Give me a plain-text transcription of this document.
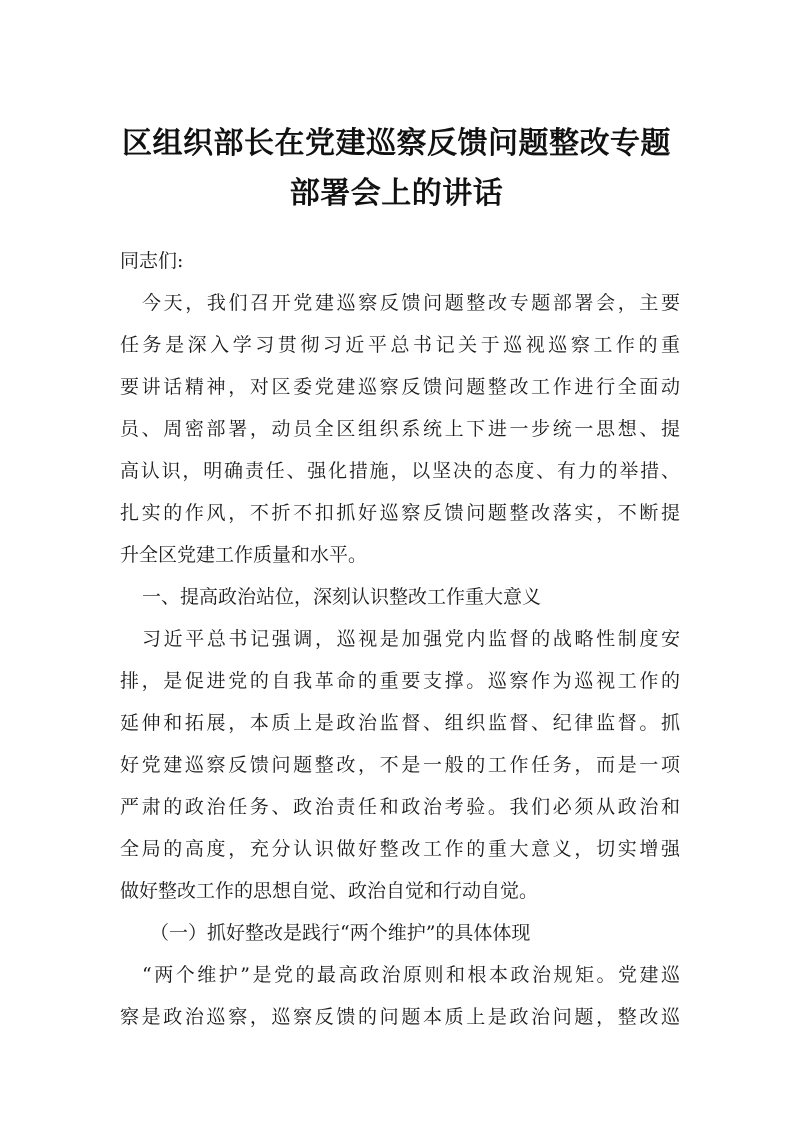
区组织部长在党建巡察反馈问题整改专题
部署会上的讲话
同志们:
今天，我们召开党建巡察反馈问题整改专题部署会，主要
任务是深入学习贯彻习近平总书记关于巡视巡察工作的重
要讲话精神，对区委党建巡察反馈问题整改工作进行全面动
员、周密部署，动员全区组织系统上下进一步统一思想、提
高认识，明确责任、强化措施，以坚决的态度、有力的举措、
扎实的作风，不折不扣抓好巡察反馈问题整改落实，不断提
升全区党建工作质量和水平。
一、提高政治站位，深刻认识整改工作重大意义
习近平总书记强调，巡视是加强党内监督的战略性制度安
排，是促进党的自我革命的重要支撑。巡察作为巡视工作的
延伸和拓展，本质上是政治监督、组织监督、纪律监督。抓
好党建巡察反馈问题整改，不是一般的工作任务，而是一项
严肃的政治任务、政治责任和政治考验。我们必须从政治和
全局的高度，充分认识做好整改工作的重大意义，切实增强
做好整改工作的思想自觉、政治自觉和行动自觉。
（一）抓好整改是践行“两个维护”的具体体现
“两个维护”是党的最高政治原则和根本政治规矩。党建巡
察是政治巡察，巡察反馈的问题本质上是政治问题，整改巡
